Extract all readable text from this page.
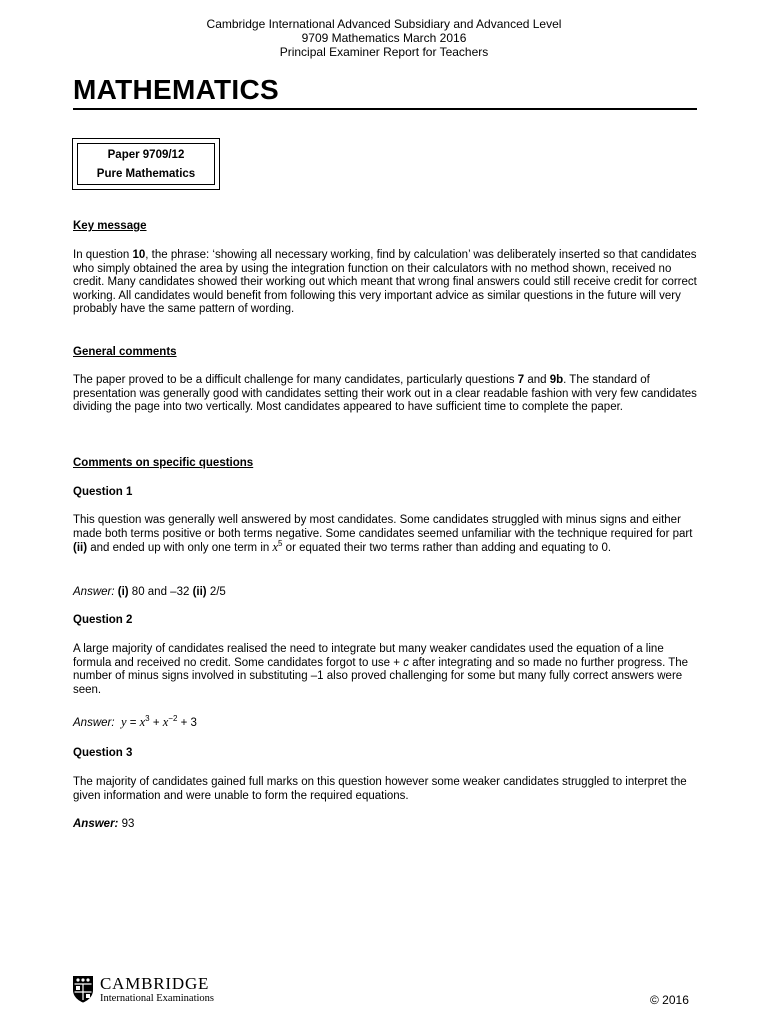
Cambridge International Advanced Subsidiary and Advanced Level
9709 Mathematics March 2016
Principal Examiner Report for Teachers
MATHEMATICS
Paper 9709/12
Pure Mathematics
Key message
In question 10, the phrase: ‘showing all necessary working, find by calculation’ was deliberately inserted so that candidates who simply obtained the area by using the integration function on their calculators with no method shown, received no credit. Many candidates showed their working out which meant that wrong final answers could still receive credit for correct working. All candidates would benefit from following this very important advice as similar questions in the future will very probably have the same pattern of wording.
General comments
The paper proved to be a difficult challenge for many candidates, particularly questions 7 and 9b. The standard of presentation was generally good with candidates setting their work out in a clear readable fashion with very few candidates dividing the page into two vertically. Most candidates appeared to have sufficient time to complete the paper.
Comments on specific questions
Question 1
This question was generally well answered by most candidates. Some candidates struggled with minus signs and either made both terms positive or both terms negative. Some candidates seemed unfamiliar with the technique required for part (ii) and ended up with only one term in $x^5$ or equated their two terms rather than adding and equating to 0.
Answer: (i) 80 and –32 (ii) 2/5
Question 2
A large majority of candidates realised the need to integrate but many weaker candidates used the equation of a line formula and received no credit. Some candidates forgot to use + c after integrating and so made no further progress. The number of minus signs involved in substituting –1 also proved challenging for some but many fully correct answers were seen.
Answer: $y = x^3 + x^{-2} + 3$
Question 3
The majority of candidates gained full marks on this question however some weaker candidates struggled to interpret the given information and were unable to form the required equations.
Answer: 93
CAMBRIDGE
International Examinations	© 2016
